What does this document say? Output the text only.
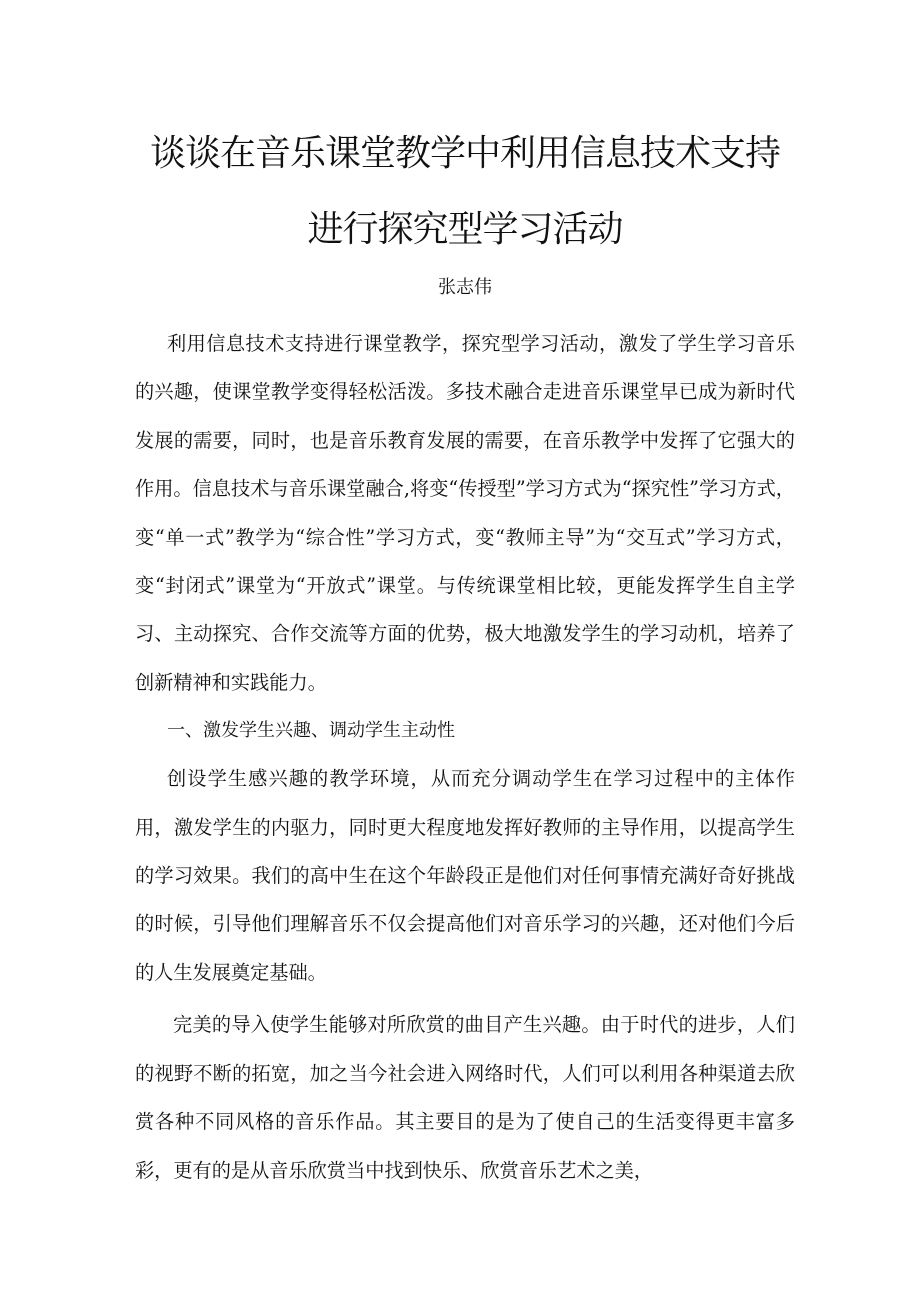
谈谈在音乐课堂教学中利用信息技术支持
进行探究型学习活动
张志伟

利用信息技术支持进行课堂教学，探究型学习活动，激发了学生学习音乐的兴趣，使课堂教学变得轻松活泼。多技术融合走进音乐课堂早已成为新时代发展的需要，同时，也是音乐教育发展的需要，在音乐教学中发挥了它强大的作用。信息技术与音乐课堂融合,将变“传授型”学习方式为“探究性”学习方式，变“单一式”教学为“综合性”学习方式，变“教师主导”为“交互式”学习方式，变“封闭式”课堂为“开放式”课堂。与传统课堂相比较，更能发挥学生自主学习、主动探究、合作交流等方面的优势，极大地激发学生的学习动机，培养了创新精神和实践能力。

一、激发学生兴趣、调动学生主动性

创设学生感兴趣的教学环境，从而充分调动学生在学习过程中的主体作用，激发学生的内驱力，同时更大程度地发挥好教师的主导作用，以提高学生的学习效果。我们的高中生在这个年龄段正是他们对任何事情充满好奇好挑战的时候，引导他们理解音乐不仅会提高他们对音乐学习的兴趣，还对他们今后的人生发展奠定基础。

完美的导入使学生能够对所欣赏的曲目产生兴趣。由于时代的进步，人们的视野不断的拓宽，加之当今社会进入网络时代，人们可以利用各种渠道去欣赏各种不同风格的音乐作品。其主要目的是为了使自己的生活变得更丰富多彩，更有的是从音乐欣赏当中找到快乐、欣赏音乐艺术之美，
